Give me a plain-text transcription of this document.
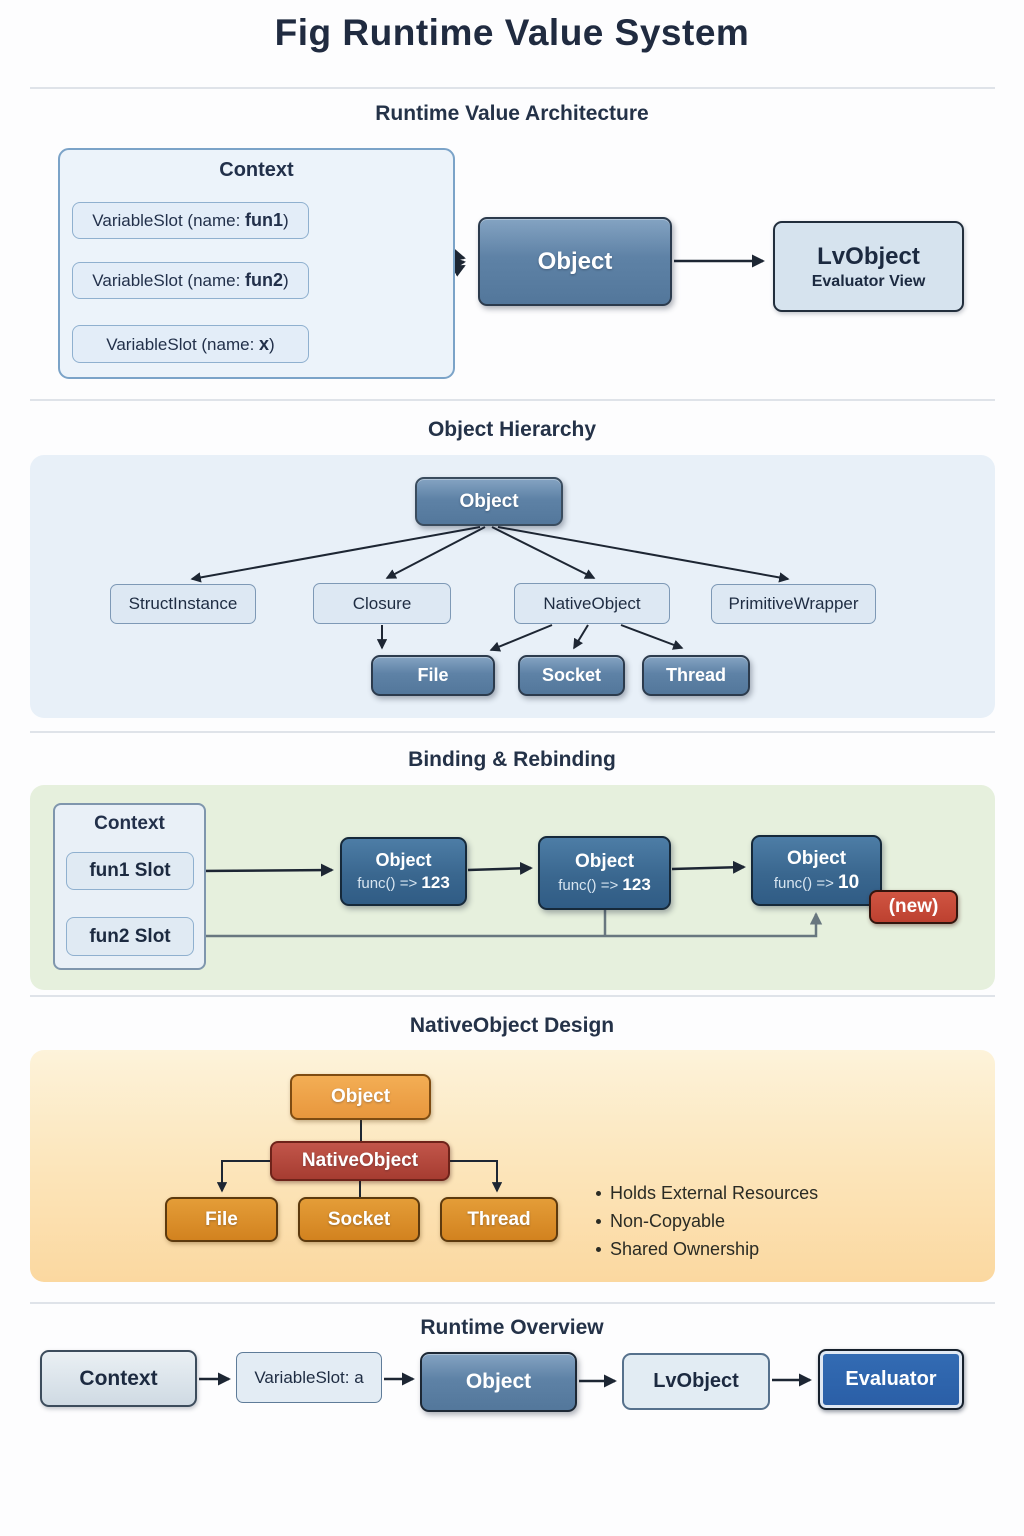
Fig Runtime Value System
Runtime Value Architecture
Context
VariableSlot (name: fun1)
VariableSlot (name: fun2)
VariableSlot (name: x)
Object	LvObject
Evaluator View
Object Hierarchy
Object
StructInstance	Closure	NativeObject	PrimitiveWrapper
File	Socket	Thread
Binding & Rebinding
Context
fun1 Slot
fun2 Slot
Object
func() => 123
Object
func() => 123
Object
func() => 10
(new)
NativeObject Design
Object
NativeObject
File	Socket	Thread
Holds External Resources
Non-Copyable
Shared Ownership
Runtime Overview
Context	VariableSlot: a	Object	LvObject	Evaluator
